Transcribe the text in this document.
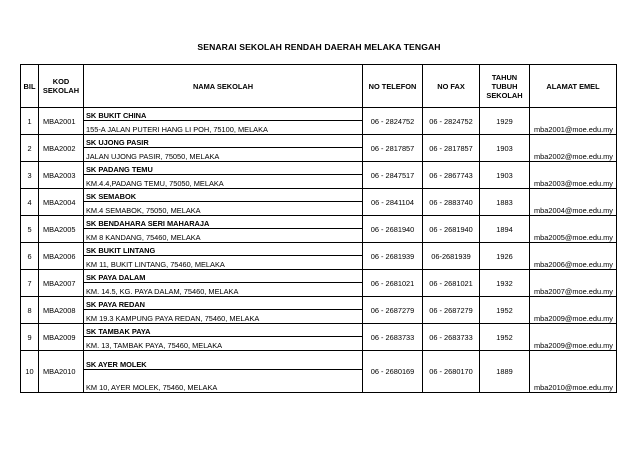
SENARAI SEKOLAH RENDAH DAERAH MELAKA TENGAH
BIL	KOD SEKOLAH	NAMA SEKOLAH	NO TELEFON	NO FAX	TAHUN TUBUH SEKOLAH	ALAMAT EMEL
1	MBA2001	SK BUKIT CHINA	06 - 2824752	06 - 2824752	1929	mba2001@moe.edu.my
		155-A JALAN PUTERI HANG LI POH, 75100, MELAKA				
2	MBA2002	SK UJONG PASIR	06 - 2817857	06 - 2817857	1903	mba2002@moe.edu.my
		JALAN UJONG PASIR, 75050, MELAKA				
3	MBA2003	SK PADANG TEMU	06 - 2847517	06 - 2867743	1903	mba2003@moe.edu.my
		KM.4.4,PADANG TEMU, 75050, MELAKA				
4	MBA2004	SK SEMABOK	06 - 2841104	06 - 2883740	1883	mba2004@moe.edu.my
		KM.4 SEMABOK, 75050, MELAKA				
5	MBA2005	SK BENDAHARA SERI MAHARAJA	06 - 2681940	06 - 2681940	1894	mba2005@moe.edu.my
		KM 8 KANDANG, 75460, MELAKA				
6	MBA2006	SK BUKIT LINTANG	06 - 2681939	06-2681939	1926	mba2006@moe.edu.my
		KM 11, BUKIT LINTANG, 75460, MELAKA				
7	MBA2007	SK PAYA DALAM	06 - 2681021	06 - 2681021	1932	mba2007@moe.edu.my
		KM. 14.5, KG. PAYA DALAM, 75460, MELAKA				
8	MBA2008	SK PAYA REDAN	06 - 2687279	06 - 2687279	1952	mba2009@moe.edu.my
		KM 19.3 KAMPUNG PAYA REDAN, 75460, MELAKA				
9	MBA2009	SK TAMBAK PAYA	06 - 2683733	06 - 2683733	1952	mba2009@moe.edu.my
		KM. 13, TAMBAK PAYA, 75460, MELAKA				
10	MBA2010	SK AYER MOLEK	06 - 2680169	06 - 2680170	1889	mba2010@moe.edu.my
		KM 10, AYER MOLEK, 75460, MELAKA				
